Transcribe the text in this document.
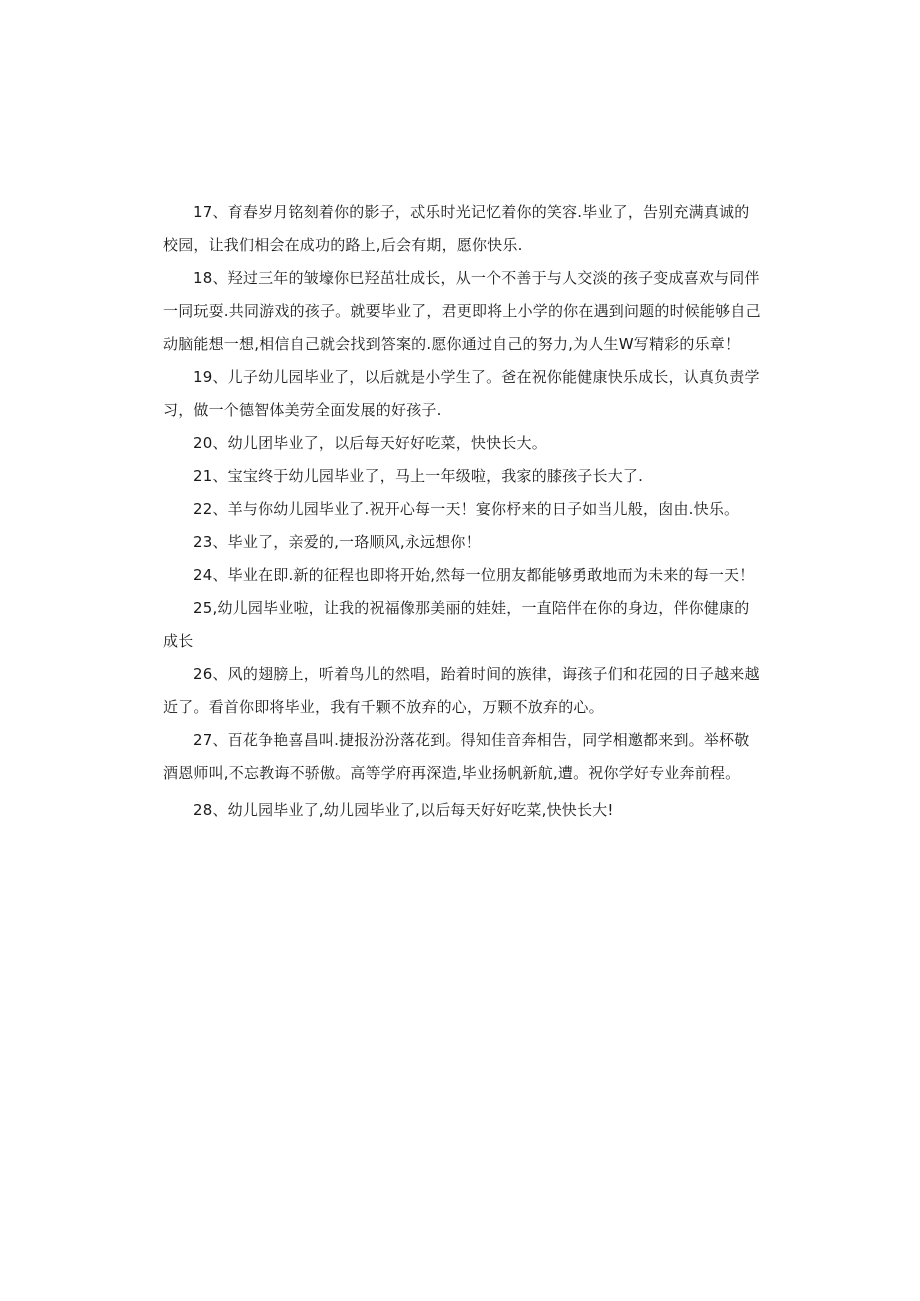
17、育春岁月铭刻着你的影子，忒乐时光记忆着你的笑容.毕业了，告别充满真诚的校园，让我们相会在成功的路上,后会有期，愿你快乐.

18、羟过三年的皱壕你巳羟茁壮成长，从一个不善于与人交淡的孩子变成喜欢与同伴一同玩耍.共同游戏的孩子。就要毕业了，君更即将上小学的你在遇到问题的时候能够自己动脑能想一想,相信自己就会找到答案的.愿你通过自己的努力,为人生W写精彩的乐章！

19、儿子幼儿园毕业了，以后就是小学生了。爸在祝你能健康快乐成长，认真负责学习，做一个德智体美劳全面发展的好孩子.

20、幼儿团毕业了，以后每天好好吃菜，快快长大。

21、宝宝终于幼儿园毕业了，马上一年级啦，我家的膝孩子长大了.

22、羊与你幼儿园毕业了.祝开心每一天！宴你杼来的日子如当儿般，囱由.快乐。

23、毕业了，亲爱的,一珞顺风,永远想你！

24、毕业在即.新的征程也即将开始,然每一位朋友都能够勇敢地而为未来的每一天！

25,幼儿园毕业啦，让我的祝福像那美丽的娃娃，一直陪伴在你的身边，伴你健康的成长

26、风的翅膀上，听着鸟儿的然唱，跆着时间的族律，诲孩子们和花园的日子越来越近了。看首你即将毕业，我有千颗不放弃的心，万颗不放弃的心。

27、百花争艳喜昌叫.捷报汾汾落花到。得知佳音奔相告，同学相邀都来到。举杯敬酒恩师叫,不忘教诲不骄傲。高等学府再深造,毕业扬帆新航,遭。祝你学好专业奔前程。

28、幼儿园毕业了,幼儿园毕业了,以后每天好好吃菜,快快长大!
